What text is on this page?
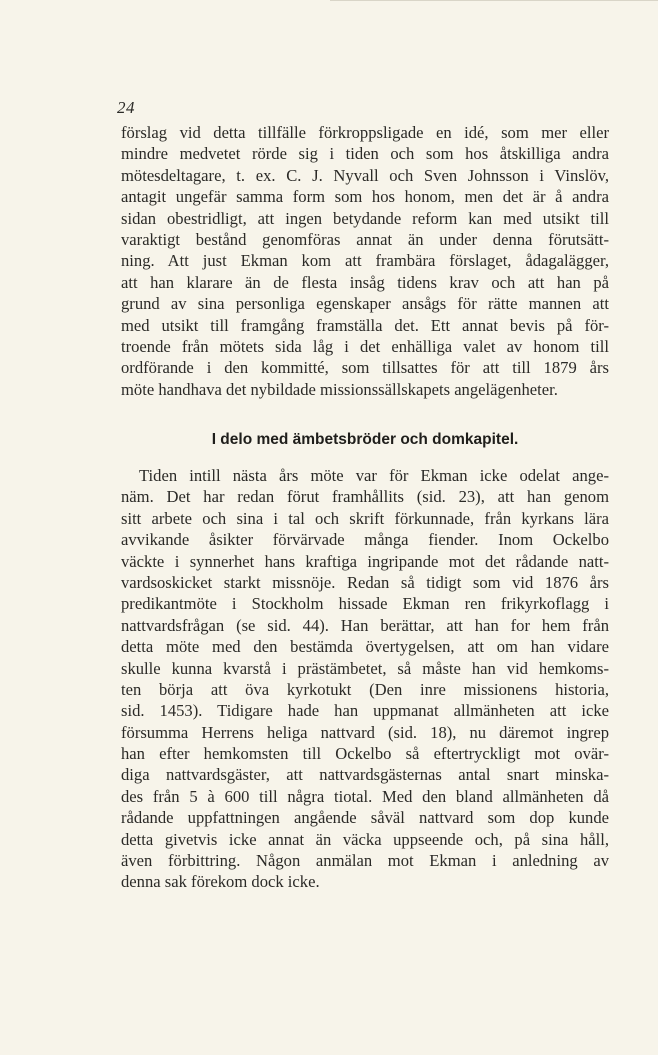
24
förslag vid detta tillfälle förkroppsligade en idé, som mer eller
mindre medvetet rörde sig i tiden och som hos åtskilliga andra
mötesdeltagare, t. ex. C. J. Nyvall och Sven Johnsson i Vinslöv,
antagit ungefär samma form som hos honom, men det är å andra
sidan obestridligt, att ingen betydande reform kan med utsikt till
varaktigt bestånd genomföras annat än under denna förutsätt-
ning. Att just Ekman kom att frambära förslaget, ådagalägger,
att han klarare än de flesta insåg tidens krav och att han på
grund av sina personliga egenskaper ansågs för rätte mannen att
med utsikt till framgång framställa det. Ett annat bevis på för-
troende från mötets sida låg i det enhälliga valet av honom till
ordförande i den kommitté, som tillsattes för att till 1879 års
möte handhava det nybildade missionssällskapets angelägenheter.
I delo med ämbetsbröder och domkapitel.
Tiden intill nästa års möte var för Ekman icke odelat ange-
näm. Det har redan förut framhållits (sid. 23), att han genom
sitt arbete och sina i tal och skrift förkunnade, från kyrkans lära
avvikande åsikter förvärvade många fiender. Inom Ockelbo
väckte i synnerhet hans kraftiga ingripande mot det rådande natt-
vardsoskicket starkt missnöje. Redan så tidigt som vid 1876 års
predikantmöte i Stockholm hissade Ekman ren frikyrkoflagg i
nattvardsfrågan (se sid. 44). Han berättar, att han for hem från
detta möte med den bestämda övertygelsen, att om han vidare
skulle kunna kvarstå i prästämbetet, så måste han vid hemkoms-
ten börja att öva kyrkotukt (Den inre missionens historia,
sid. 1453). Tidigare hade han uppmanat allmänheten att icke
försumma Herrens heliga nattvard (sid. 18), nu däremot ingrep
han efter hemkomsten till Ockelbo så eftertryckligt mot ovär-
diga nattvardsgäster, att nattvardsgästernas antal snart minska-
des från 5 à 600 till några tiotal. Med den bland allmänheten då
rådande uppfattningen angående såväl nattvard som dop kunde
detta givetvis icke annat än väcka uppseende och, på sina håll,
även förbittring. Någon anmälan mot Ekman i anledning av
denna sak förekom dock icke.
